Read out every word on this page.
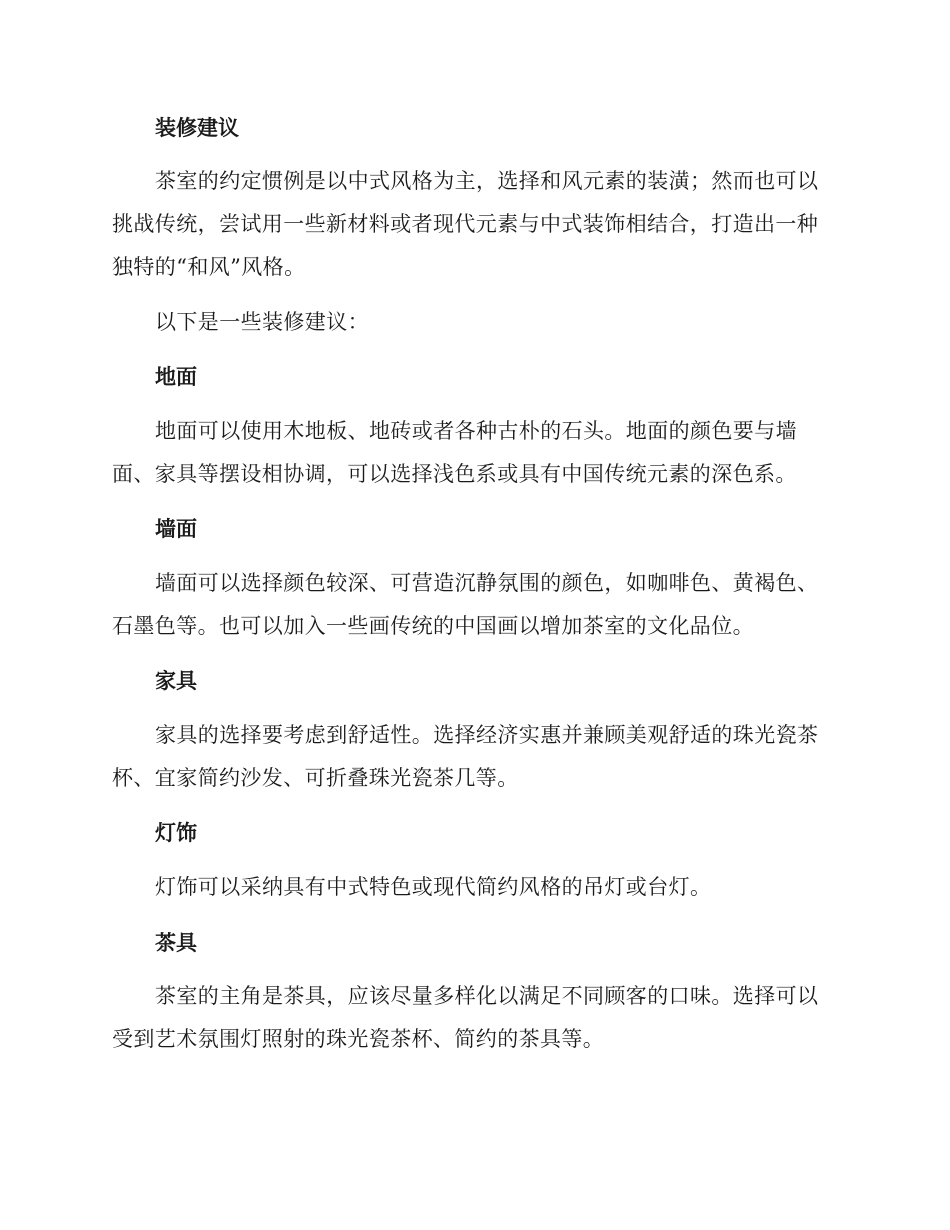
装修建议
茶室的约定惯例是以中式风格为主，选择和风元素的装潢；然而也可以
挑战传统，尝试用一些新材料或者现代元素与中式装饰相结合，打造出一种
独特的“和风”风格。
以下是一些装修建议：
地面
地面可以使用木地板、地砖或者各种古朴的石头。地面的颜色要与墙
面、家具等摆设相协调，可以选择浅色系或具有中国传统元素的深色系。
墙面
墙面可以选择颜色较深、可营造沉静氛围的颜色，如咖啡色、黄褐色、
石墨色等。也可以加入一些画传统的中国画以增加茶室的文化品位。
家具
家具的选择要考虑到舒适性。选择经济实惠并兼顾美观舒适的珠光瓷茶
杯、宜家简约沙发、可折叠珠光瓷茶几等。
灯饰
灯饰可以采纳具有中式特色或现代简约风格的吊灯或台灯。
茶具
茶室的主角是茶具，应该尽量多样化以满足不同顾客的口味。选择可以
受到艺术氛围灯照射的珠光瓷茶杯、简约的茶具等。
